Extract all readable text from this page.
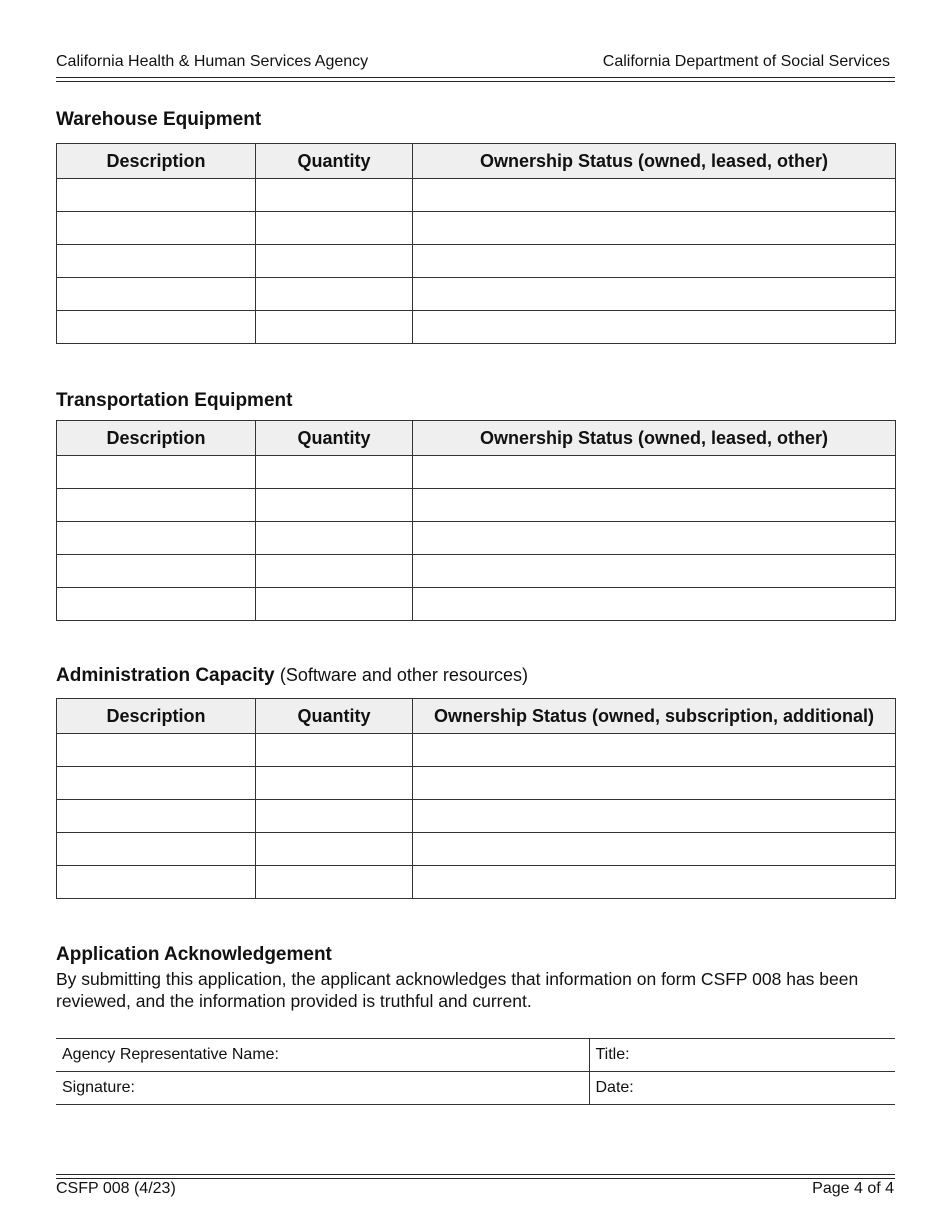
California Health & Human Services Agency	California Department of Social Services
Warehouse Equipment
Description	Quantity	Ownership Status (owned, leased, other)

Transportation Equipment
Description	Quantity	Ownership Status (owned, leased, other)

Administration Capacity (Software and other resources)
Description	Quantity	Ownership Status (owned, subscription, additional)

Application Acknowledgement
By submitting this application, the applicant acknowledges that information on form CSFP 008 has been reviewed, and the information provided is truthful and current.
Agency Representative Name:	Title:
Signature:	Date:
CSFP 008 (4/23)	Page 4 of 4
